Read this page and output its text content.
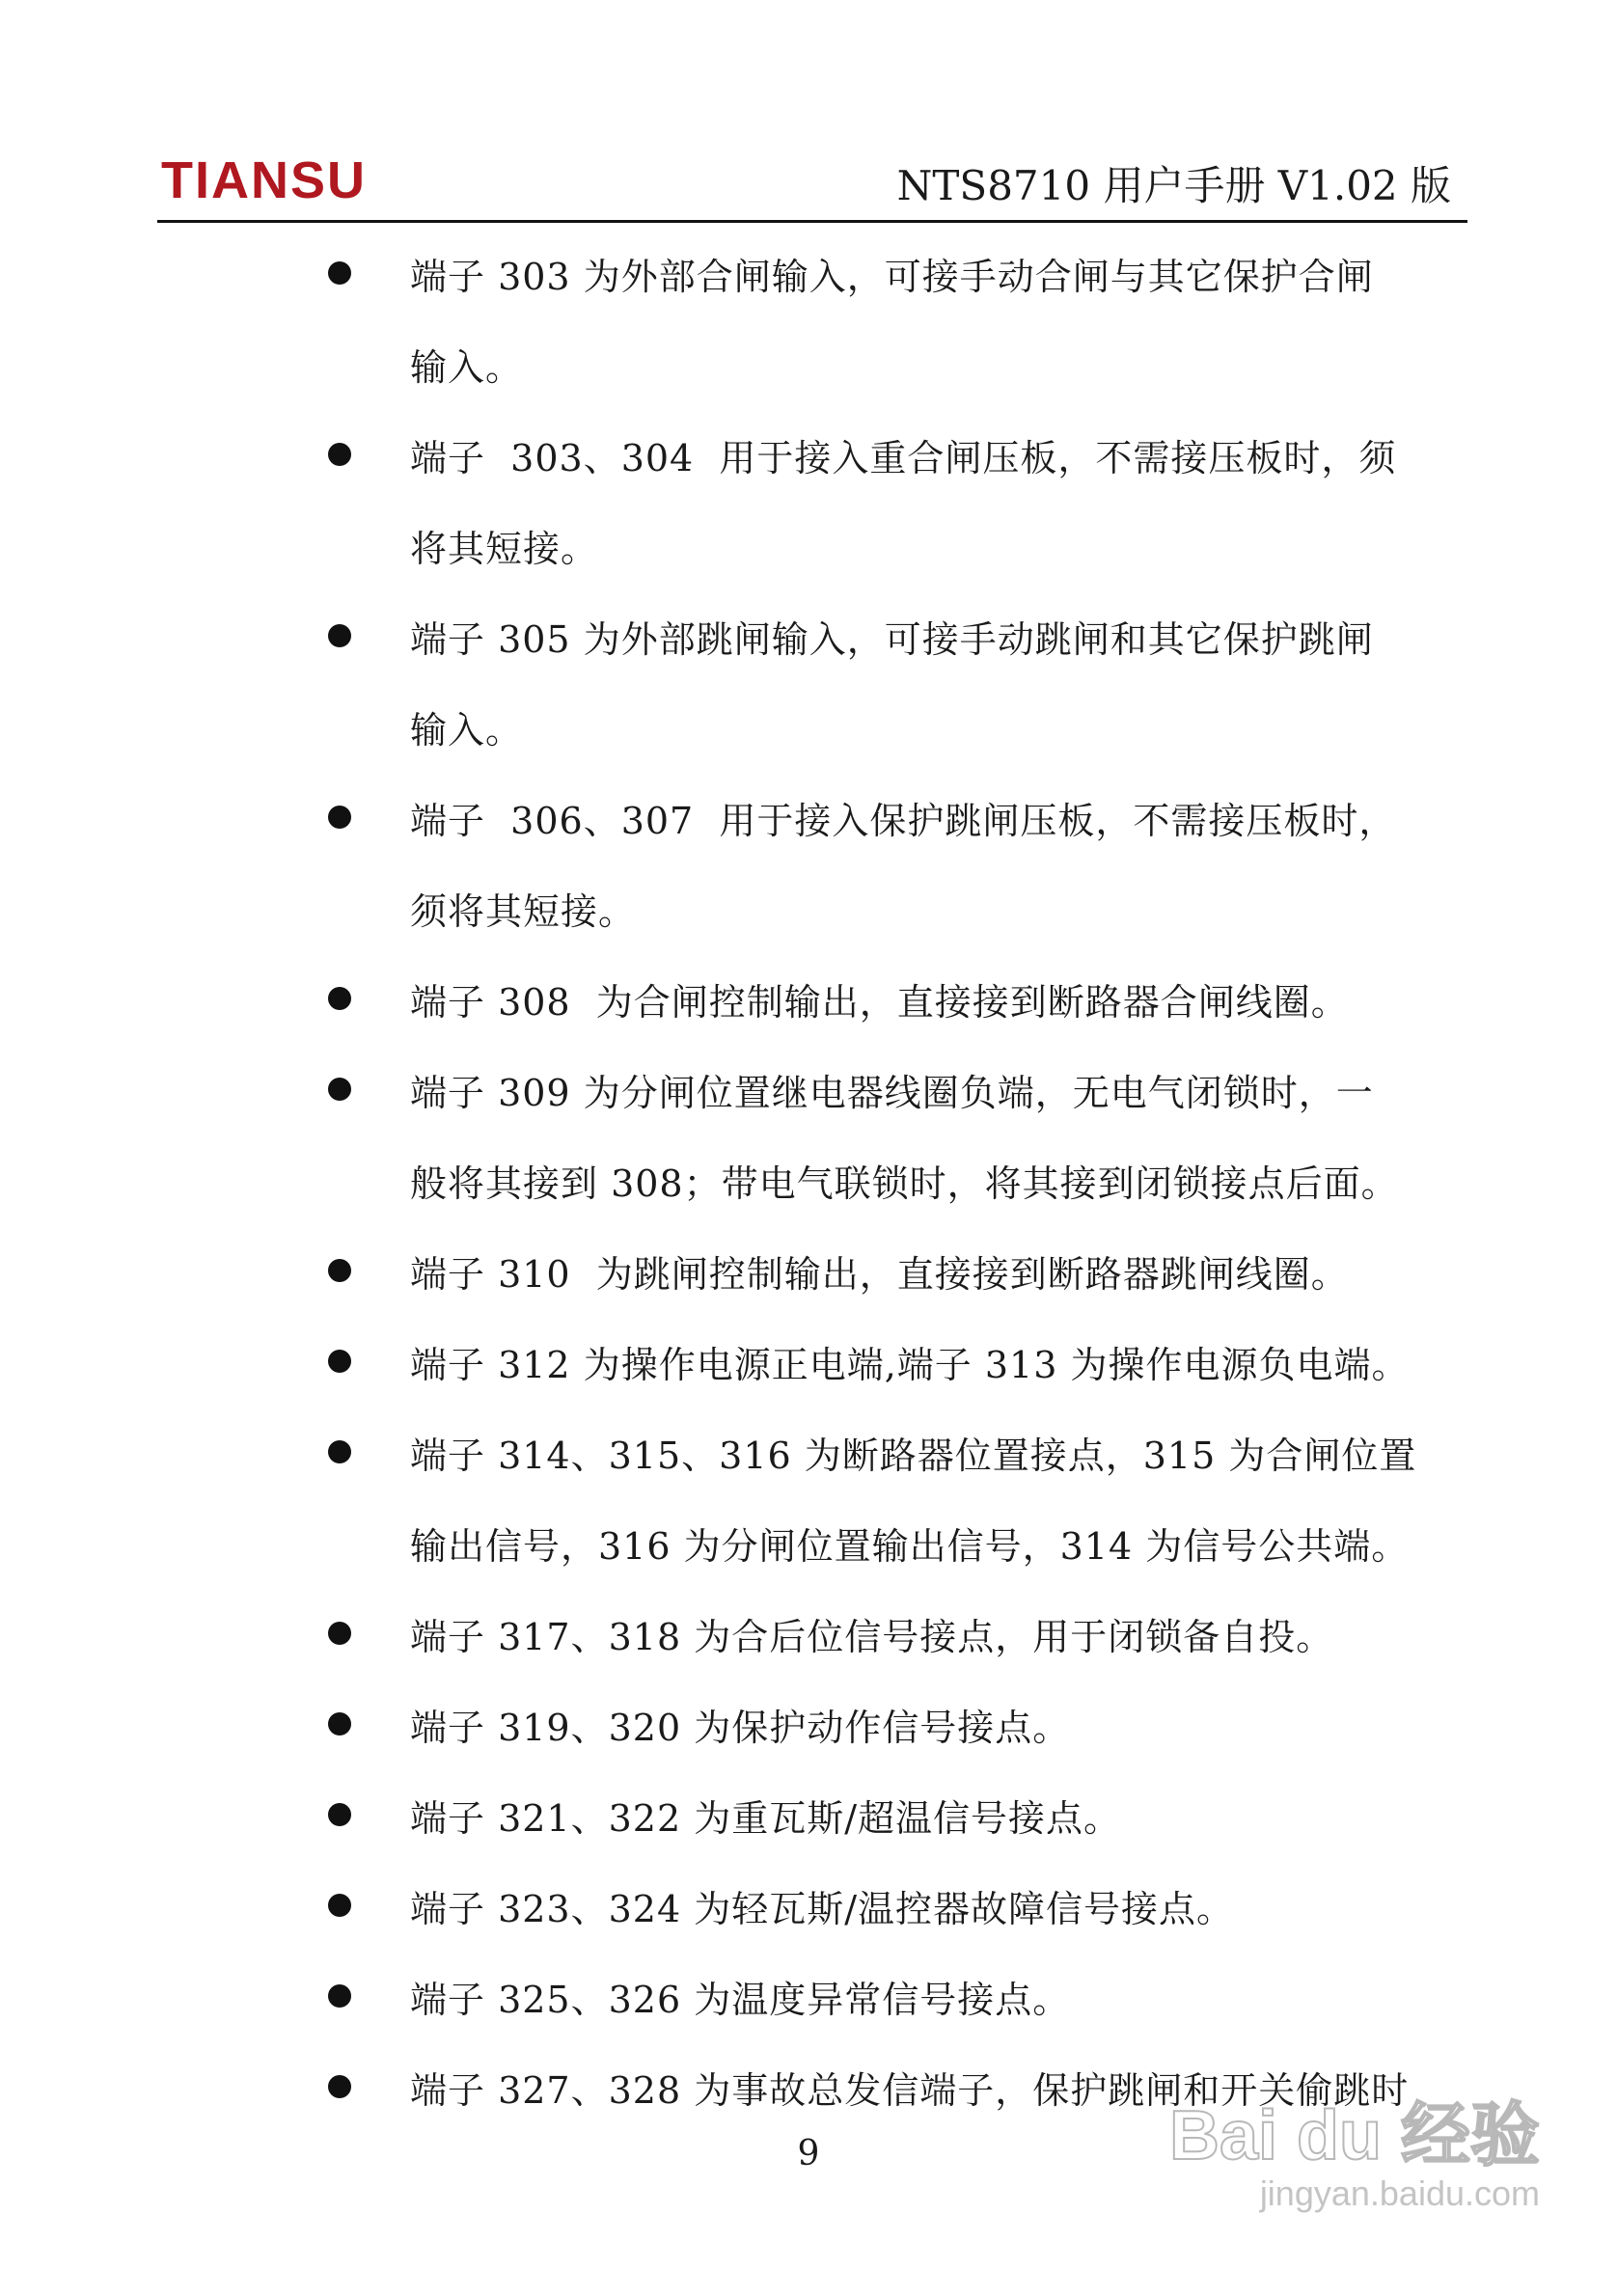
TIANSU	NTS8710 用户手册 V1.02 版
端子 303 为外部合闸输入，可接手动合闸与其它保护合闸
输入。
端子  303、304  用于接入重合闸压板，不需接压板时，须
将其短接。
端子 305 为外部跳闸输入，可接手动跳闸和其它保护跳闸
输入。
端子  306、307  用于接入保护跳闸压板，不需接压板时，
须将其短接。
端子 308  为合闸控制输出，直接接到断路器合闸线圈。
端子 309 为分闸位置继电器线圈负端，无电气闭锁时，一
般将其接到 308；带电气联锁时，将其接到闭锁接点后面。
端子 310  为跳闸控制输出，直接接到断路器跳闸线圈。
端子 312 为操作电源正电端,端子 313 为操作电源负电端。
端子 314、315、316 为断路器位置接点，315 为合闸位置
输出信号，316 为分闸位置输出信号，314 为信号公共端。
端子 317、318 为合后位信号接点，用于闭锁备自投。
端子 319、320 为保护动作信号接点。
端子 321、322 为重瓦斯/超温信号接点。
端子 323、324 为轻瓦斯/温控器故障信号接点。
端子 325、326 为温度异常信号接点。
端子 327、328 为事故总发信端子，保护跳闸和开关偷跳时
9	Bai du 经验
jingyan.baidu.com
